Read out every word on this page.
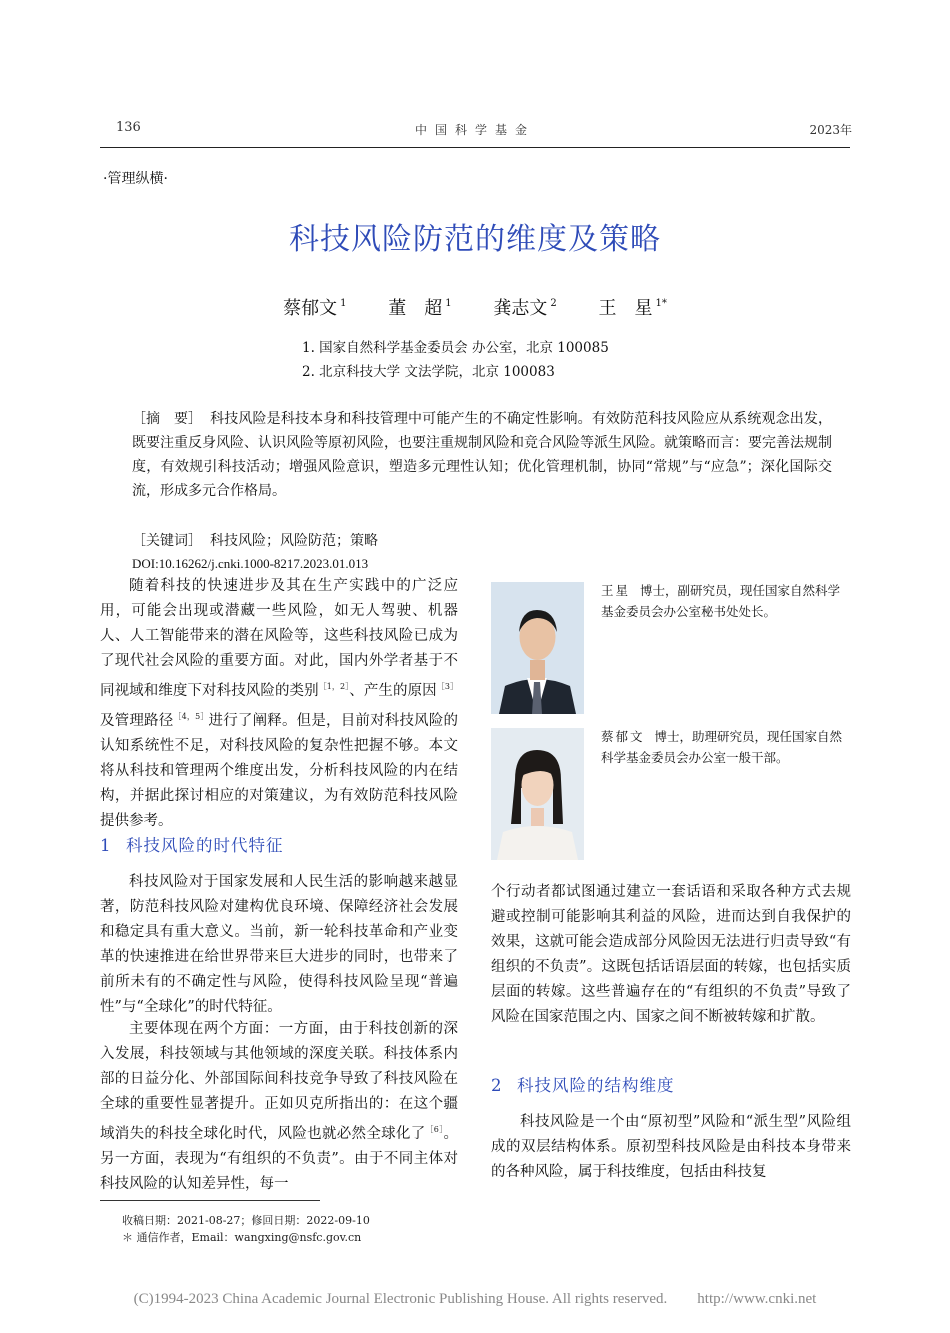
136	中国科学基金	2023年
·管理纵横·
科技风险防范的维度及策略
蔡郁文 $^1$ 董　超 $^1$ 龚志文 $^2$ 王　星 $^{1*}$
1. 国家自然科学基金委员会 办公室，北京 100085
2. 北京科技大学 文法学院，北京 100083
［摘　要］ 科技风险是科技本身和科技管理中可能产生的不确定性影响。有效防范科技风险应从系统观念出发，既要注重反身风险、认识风险等原初风险，也要注重规制风险和竞合风险等派生风险。就策略而言：要完善法规制度，有效规引科技活动；增强风险意识，塑造多元理性认知；优化管理机制，协同“常规”与“应急”；深化国际交流，形成多元合作格局。
［关键词］ 科技风险；风险防范；策略
DOI:10.16262/j.cnki.1000-8217.2023.01.013

随着科技的快速进步及其在生产实践中的广泛应用，可能会出现或潜藏一些风险，如无人驾驶、机器人、人工智能带来的潜在风险等，这些科技风险已成为了现代社会风险的重要方面。对此，国内外学者基于不同视域和维度下对科技风险的类别$^{[1,2]}$、产生的原因$^{[3]}$及管理路径$^{[4,5]}$进行了阐释。但是，目前对科技风险的认知系统性不足，对科技风险的复杂性把握不够。本文将从科技和管理两个维度出发，分析科技风险的内在结构，并据此探讨相应的对策建议，为有效防范科技风险提供参考。

1 科技风险的时代特征

科技风险对于国家发展和人民生活的影响越来越显著，防范科技风险对建构优良环境、保障经济社会发展和稳定具有重大意义。当前，新一轮科技革命和产业变革的快速推进在给世界带来巨大进步的同时，也带来了前所未有的不确定性与风险，使得科技风险呈现“普遍性”与“全球化”的时代特征。

主要体现在两个方面：一方面，由于科技创新的深入发展，科技领域与其他领域的深度关联。科技体系内部的日益分化、外部国际间科技竞争导致了科技风险在全球的重要性显著提升。正如贝克所指出的：在这个疆域消失的科技全球化时代，风险也就必然全球化了$^{[6]}$。另一方面，表现为“有组织的不负责”。由于不同主体对科技风险的认知差异性，每一

王星 博士，副研究员，现任国家自然科学基金委员会办公室秘书处处长。
蔡郁文 博士，助理研究员，现任国家自然科学基金委员会办公室一般干部。

个行动者都试图通过建立一套话语和采取各种方式去规避或控制可能影响其利益的风险，进而达到自我保护的效果，这就可能会造成部分风险因无法进行归责导致“有组织的不负责”。这既包括话语层面的转嫁，也包括实质层面的转嫁。这些普遍存在的“有组织的不负责”导致了风险在国家范围之内、国家之间不断被转嫁和扩散。

2 科技风险的结构维度

科技风险是一个由“原初型”风险和“派生型”风险组成的双层结构体系。原初型科技风险是由科技本身带来的各种风险，属于科技维度，包括由科技复

收稿日期：2021-08-27；修回日期：2022-09-10
＊ 通信作者，Email：wangxing@nsfc.gov.cn
(C)1994-2023 China Academic Journal Electronic Publishing House. All rights reserved.　　http://www.cnki.net
